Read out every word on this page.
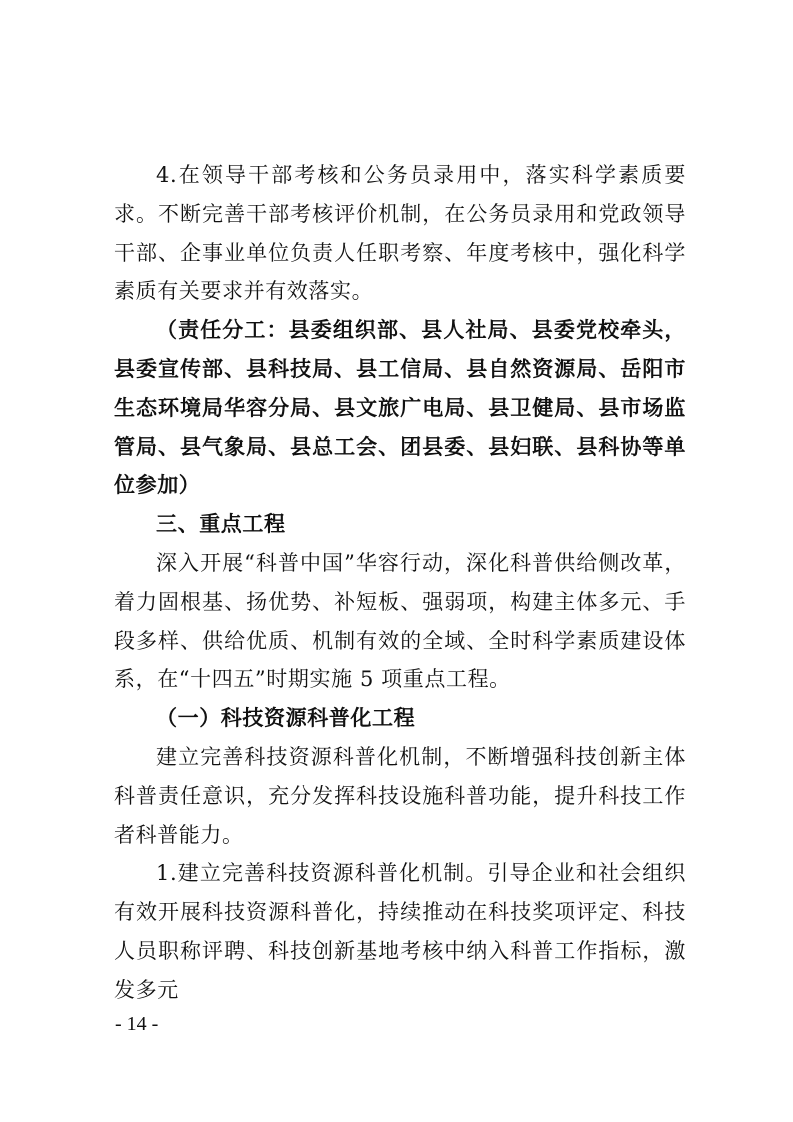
4.在领导干部考核和公务员录用中，落实科学素质要求。不断完善干部考核评价机制，在公务员录用和党政领导干部、企事业单位负责人任职考察、年度考核中，强化科学素质有关要求并有效落实。

（责任分工：县委组织部、县人社局、县委党校牵头，县委宣传部、县科技局、县工信局、县自然资源局、岳阳市生态环境局华容分局、县文旅广电局、县卫健局、县市场监管局、县气象局、县总工会、团县委、县妇联、县科协等单位参加）

三、重点工程

深入开展“科普中国”华容行动，深化科普供给侧改革，着力固根基、扬优势、补短板、强弱项，构建主体多元、手段多样、供给优质、机制有效的全域、全时科学素质建设体系，在“十四五”时期实施 5 项重点工程。

（一）科技资源科普化工程

建立完善科技资源科普化机制，不断增强科技创新主体科普责任意识，充分发挥科技设施科普功能，提升科技工作者科普能力。

1.建立完善科技资源科普化机制。引导企业和社会组织有效开展科技资源科普化，持续推动在科技奖项评定、科技人员职称评聘、科技创新基地考核中纳入科普工作指标，激发多元

- 14 -
